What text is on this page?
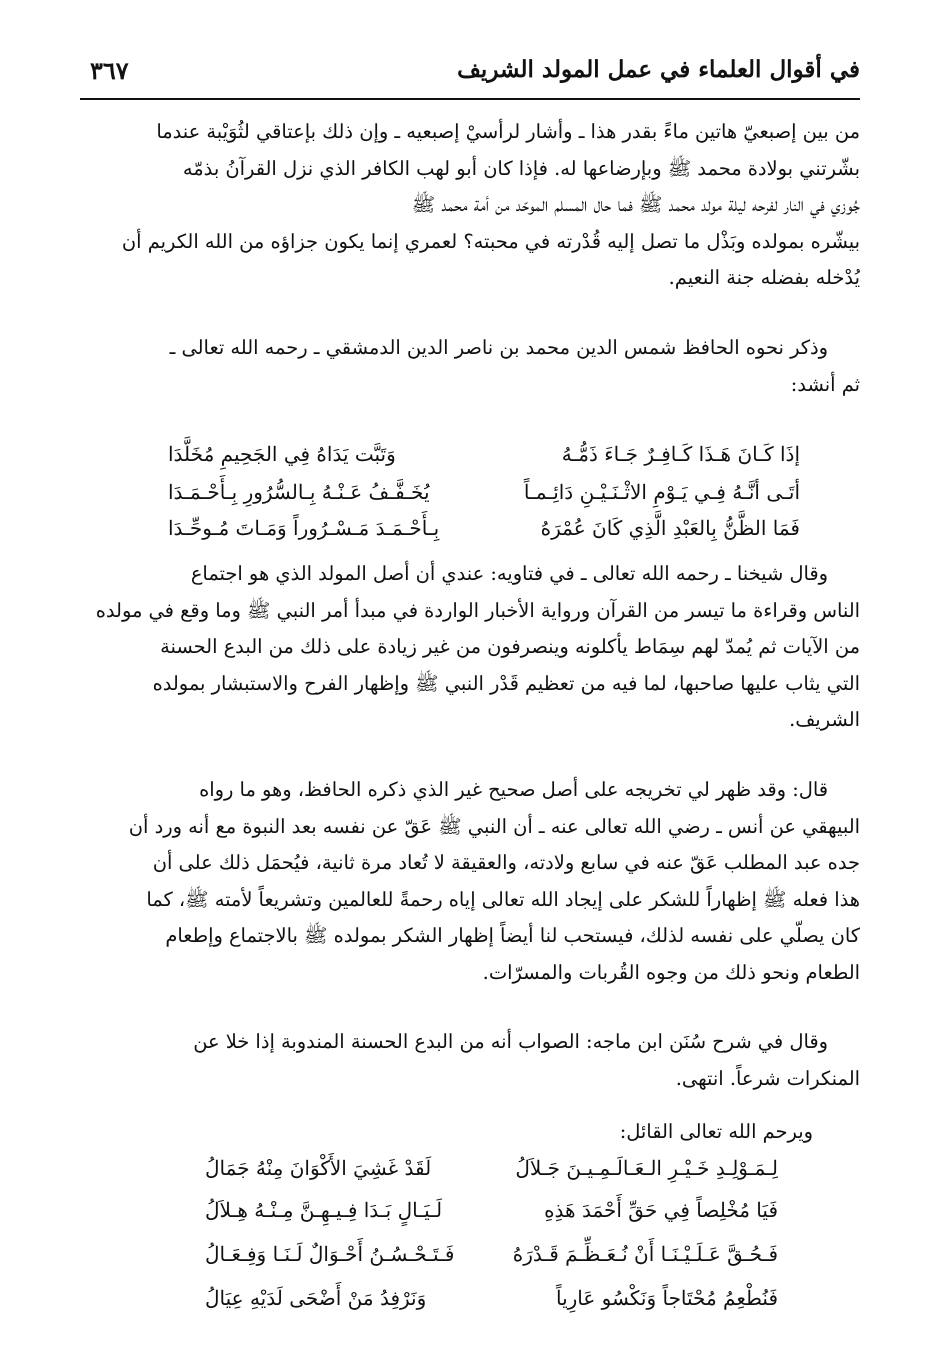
في أقوال العلماء في عمل المولد الشريف
٣٦٧
من بين إصبعيّ هاتين ماءً بقدر هذا ـ وأشار لرأسيْ إصبعيه ـ وإن ذلك بإعتاقي لثُوَيْبة عندما
بشّرتني بولادة محمد ﷺ وبإرضاعها له. فإذا كان أبو لهب الكافر الذي نزل القرآنُ بذمّه
جُوزي في النار لفرحه ليلة مولد محمد ﷺ فما حال المسلم الموحّد من أمة محمد ﷺ
بيشّره بمولده وبَذْل ما تصل إليه قُدْرته في محبته؟ لعمري إنما يكون جزاؤه من الله الكريم أن
يُدْخله بفضله جنة النعيم.
وذكر نحوه الحافظ شمس الدين محمد بن ناصر الدين الدمشقي ـ رحمه الله تعالى ـ
ثم أنشد:
إذَا كَـانَ هَـذَا كَـافِـرٌ جَـاءَ ذَمُّـهُ
وَتَبَّت يَدَاهُ فِي الجَحِيمِ مُخَلَّدَا
أتَـى أنَّـهُ فِـي يَـوْمِ الاثْـنَـيْـنِ دَائِـمـاً
يُخَـفَّـفُ عَـنْـهُ بِـالسُّرُورِ بِـأَحْـمَـدَا
فَمَا الظَّنُّ بِالعَبْدِ الَّذِي كَانَ عُمْرَهُ
بِـأَحْـمَـدَ مَـسْـرُوراً وَمَـاتَ مُـوحِّـدَا
وقال شيخنا ـ رحمه الله تعالى ـ في فتاويه: عندي أن أصل المولد الذي هو اجتماع
الناس وقراءة ما تيسر من القرآن ورواية الأخبار الواردة في مبدأ أمر النبي ﷺ وما وقع في مولده
من الآيات ثم يُمدّ لهم سِمَاط يأكلونه وينصرفون من غير زيادة على ذلك من البدع الحسنة
التي يثاب عليها صاحبها، لما فيه من تعظيم قَدْر النبي ﷺ وإظهار الفرح والاستبشار بمولده
الشريف.
قال: وقد ظهر لي تخريجه على أصل صحيح غير الذي ذكره الحافظ، وهو ما رواه
البيهقي عن أنس ـ رضي الله تعالى عنه ـ أن النبي ﷺ عَقّ عن نفسه بعد النبوة مع أنه ورد أن
جده عبد المطلب عَقّ عنه في سابع ولادته، والعقيقة لا تُعاد مرة ثانية، فيُحمَل ذلك على أن
هذا فعله ﷺ إظهاراً للشكر على إيجاد الله تعالى إياه رحمةً للعالمين وتشريعاً لأمته ﷺ، كما
كان يصلّي على نفسه لذلك، فيستحب لنا أيضاً إظهار الشكر بمولده ﷺ بالاجتماع وإطعام
الطعام ونحو ذلك من وجوه القُربات والمسرّات.
وقال في شرح سُنَن ابن ماجه: الصواب أنه من البدع الحسنة المندوبة إذا خلا عن
المنكرات شرعاً. انتهى.
ويرحم الله تعالى القائل:
لِـمَـوْلِـدِ خَـيْـرِ الـعَـالَـمِـيـنَ جَـلاَلُ
لَقَدْ غَشِيَ الأَكْوَانَ مِنْهُ جَمَالُ
فَيَا مُخْلِصاً فِي حَقِّ أَحْمَدَ هَذِهِ
لَـيَـالٍ بَـدَا فِـيـهِـنَّ مِـنْـهُ هِـلاَلُ
فَـحُـقَّ عَـلَـيْـنَـا أَنْ نُـعَـظِّـمَ قَـدْرَهُ
فَـتَـحْـسُـنُ أَحْـوَالٌ لَـنَـا وَفِـعَـالُ
فَنُطْعِمُ مُحْتَاجاً وَنَكْسُو عَارِياً
وَنَرْفِدُ مَنْ أَضْحَى لَدَيْهِ عِيَالُ
